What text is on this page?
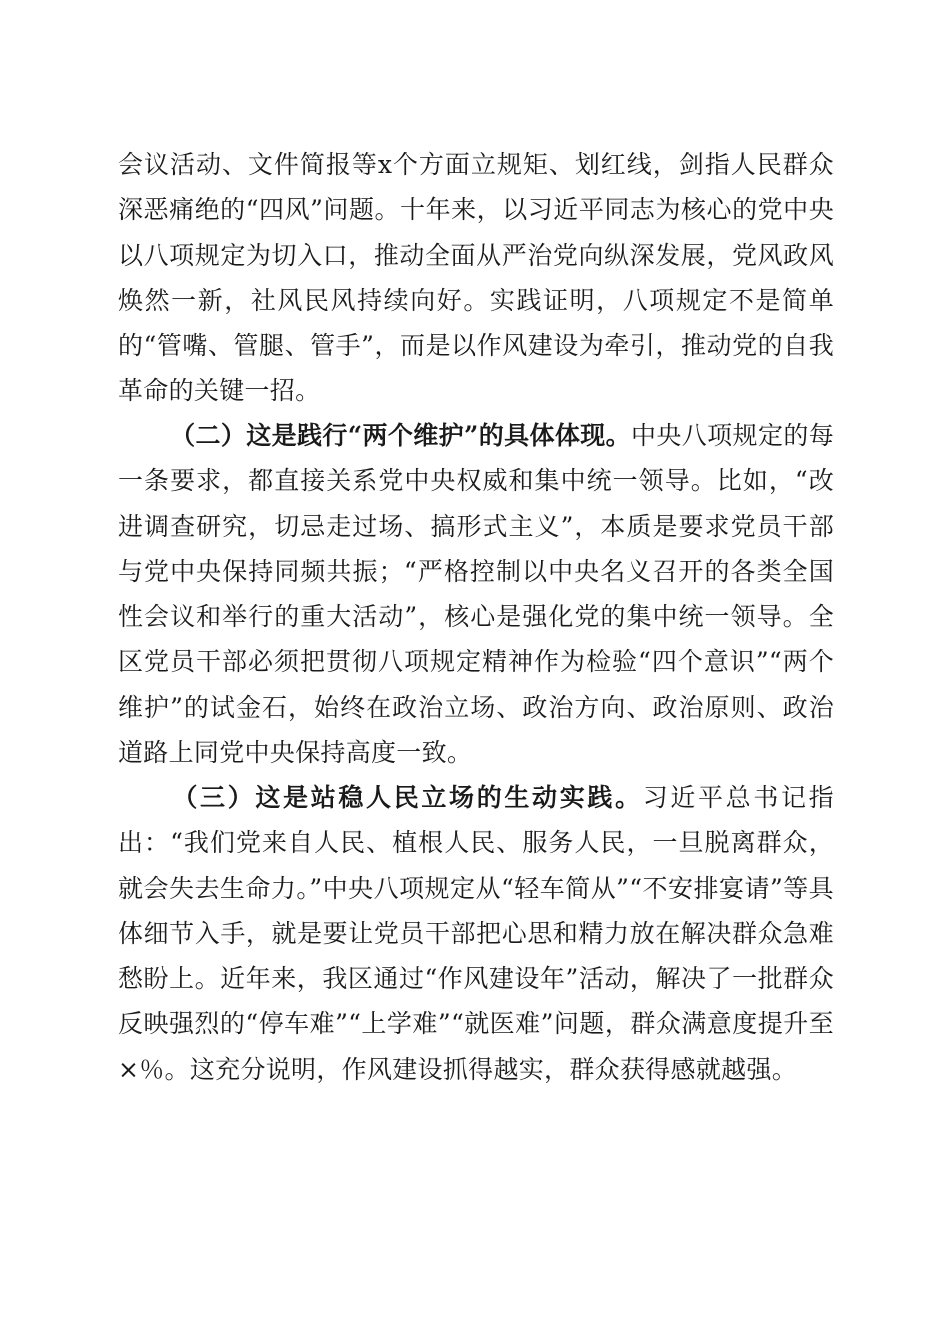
会议活动、文件简报等x个方面立规矩、划红线，剑指人民群众深恶痛绝的“四风”问题。十年来，以习近平同志为核心的党中央以八项规定为切入口，推动全面从严治党向纵深发展，党风政风焕然一新，社风民风持续向好。实践证明，八项规定不是简单的“管嘴、管腿、管手”，而是以作风建设为牵引，推动党的自我革命的关键一招。

（二）这是践行“两个维护”的具体体现。中央八项规定的每一条要求，都直接关系党中央权威和集中统一领导。比如，“改进调查研究，切忌走过场、搞形式主义”，本质是要求党员干部与党中央保持同频共振；“严格控制以中央名义召开的各类全国性会议和举行的重大活动”，核心是强化党的集中统一领导。全区党员干部必须把贯彻八项规定精神作为检验“四个意识”“两个维护”的试金石，始终在政治立场、政治方向、政治原则、政治道路上同党中央保持高度一致。

（三）这是站稳人民立场的生动实践。习近平总书记指出：“我们党来自人民、植根人民、服务人民，一旦脱离群众，就会失去生命力。”中央八项规定从“轻车简从”“不安排宴请”等具体细节入手，就是要让党员干部把心思和精力放在解决群众急难愁盼上。近年来，我区通过“作风建设年”活动，解决了一批群众反映强烈的“停车难”“上学难”“就医难”问题，群众满意度提升至×％。这充分说明，作风建设抓得越实，群众获得感就越强。
